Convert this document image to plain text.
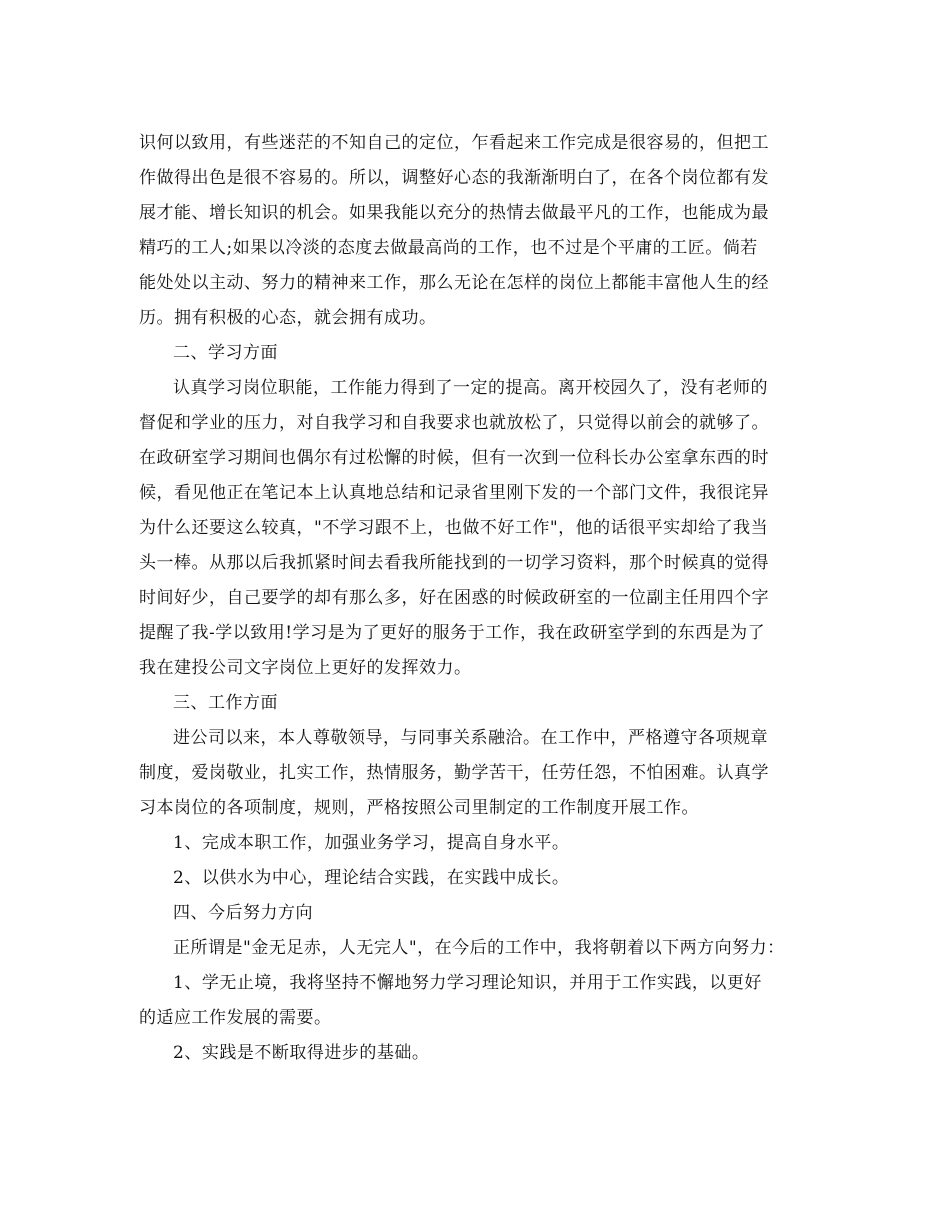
识何以致用，有些迷茫的不知自己的定位，乍看起来工作完成是很容易的，但把工
作做得出色是很不容易的。所以，调整好心态的我渐渐明白了，在各个岗位都有发
展才能、增长知识的机会。如果我能以充分的热情去做最平凡的工作，也能成为最
精巧的工人;如果以冷淡的态度去做最高尚的工作，也不过是个平庸的工匠。倘若
能处处以主动、努力的精神来工作，那么无论在怎样的岗位上都能丰富他人生的经
历。拥有积极的心态，就会拥有成功。
二、学习方面
认真学习岗位职能，工作能力得到了一定的提高。离开校园久了，没有老师的
督促和学业的压力，对自我学习和自我要求也就放松了，只觉得以前会的就够了。
在政研室学习期间也偶尔有过松懈的时候，但有一次到一位科长办公室拿东西的时
候，看见他正在笔记本上认真地总结和记录省里刚下发的一个部门文件，我很诧异
为什么还要这么较真，"不学习跟不上，也做不好工作"，他的话很平实却给了我当
头一棒。从那以后我抓紧时间去看我所能找到的一切学习资料，那个时候真的觉得
时间好少，自己要学的却有那么多，好在困惑的时候政研室的一位副主任用四个字
提醒了我-学以致用!学习是为了更好的服务于工作，我在政研室学到的东西是为了
我在建投公司文字岗位上更好的发挥效力。
三、工作方面
进公司以来，本人尊敬领导，与同事关系融洽。在工作中，严格遵守各项规章
制度，爱岗敬业，扎实工作，热情服务，勤学苦干，任劳任怨，不怕困难。认真学
习本岗位的各项制度，规则，严格按照公司里制定的工作制度开展工作。
1、完成本职工作，加强业务学习，提高自身水平。
2、以供水为中心，理论结合实践，在实践中成长。
四、今后努力方向
正所谓是"金无足赤，人无完人"，在今后的工作中，我将朝着以下两方向努力：
1、学无止境，我将坚持不懈地努力学习理论知识，并用于工作实践，以更好
的适应工作发展的需要。
2、实践是不断取得进步的基础。
